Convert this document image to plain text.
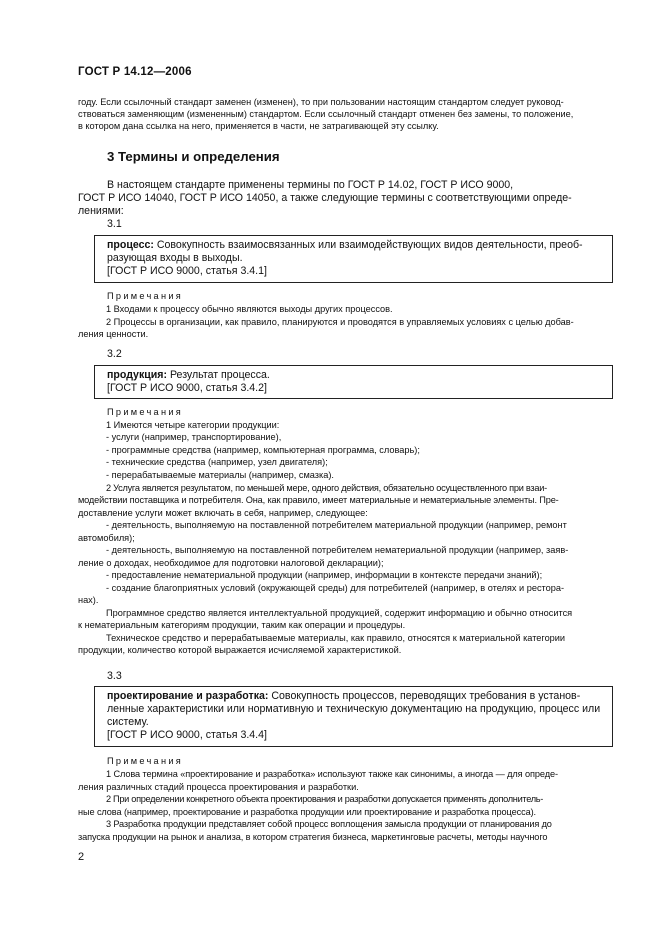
ГОСТ Р 14.12—2006
году. Если ссылочный стандарт заменен (изменен), то при пользовании настоящим стандартом следует руковод-
ствоваться заменяющим (измененным) стандартом. Если ссылочный стандарт отменен без замены, то положение,
в котором дана ссылка на него, применяется в части, не затрагивающей эту ссылку.
3 Термины и определения
В настоящем стандарте применены термины по ГОСТ Р 14.02, ГОСТ Р ИСО 9000,
ГОСТ Р ИСО 14040, ГОСТ Р ИСО 14050, а также следующие термины с соответствующими опреде-
лениями:
3.1
процесс: Совокупность взаимосвязанных или взаимодействующих видов деятельности, преоб-
разующая входы в выходы.
[ГОСТ Р ИСО 9000, статья 3.4.1]
Примечания
1 Входами к процессу обычно являются выходы других процессов.
2 Процессы в организации, как правило, планируются и проводятся в управляемых условиях с целью добав-
ления ценности.
3.2
продукция: Результат процесса.
[ГОСТ Р ИСО 9000, статья 3.4.2]
Примечания
1 Имеются четыре категории продукции:
- услуги (например, транспортирование),
- программные средства (например, компьютерная программа, словарь);
- технические средства (например, узел двигателя);
- перерабатываемые материалы (например, смазка).
2 Услуга является результатом, по меньшей мере, одного действия, обязательно осуществленного при взаи-
модействии поставщика и потребителя. Она, как правило, имеет материальные и нематериальные элементы. Пре-
доставление услуги может включать в себя, например, следующее:
- деятельность, выполняемую на поставленной потребителем материальной продукции (например, ремонт
автомобиля);
- деятельность, выполняемую на поставленной потребителем нематериальной продукции (например, заяв-
ление о доходах, необходимое для подготовки налоговой декларации);
- предоставление нематериальной продукции (например, информации в контексте передачи знаний);
- создание благоприятных условий (окружающей среды) для потребителей (например, в отелях и рестора-
нах).
Программное средство является интеллектуальной продукцией, содержит информацию и обычно относится
к нематериальным категориям продукции, таким как операции и процедуры.
Техническое средство и перерабатываемые материалы, как правило, относятся к материальной категории
продукции, количество которой выражается исчисляемой характеристикой.
3.3
проектирование и разработка: Совокупность процессов, переводящих требования в установ-
ленные характеристики или нормативную и техническую документацию на продукцию, процесс или
систему.
[ГОСТ Р ИСО 9000, статья 3.4.4]
Примечания
1 Слова термина «проектирование и разработка» используют также как синонимы, а иногда — для опреде-
ления различных стадий процесса проектирования и разработки.
2 При определении конкретного объекта проектирования и разработки допускается применять дополнитель-
ные слова (например, проектирование и разработка продукции или проектирование и разработка процесса).
3 Разработка продукции представляет собой процесс воплощения замысла продукции от планирования до
запуска продукции на рынок и анализа, в котором стратегия бизнеса, маркетинговые расчеты, методы научного
2
